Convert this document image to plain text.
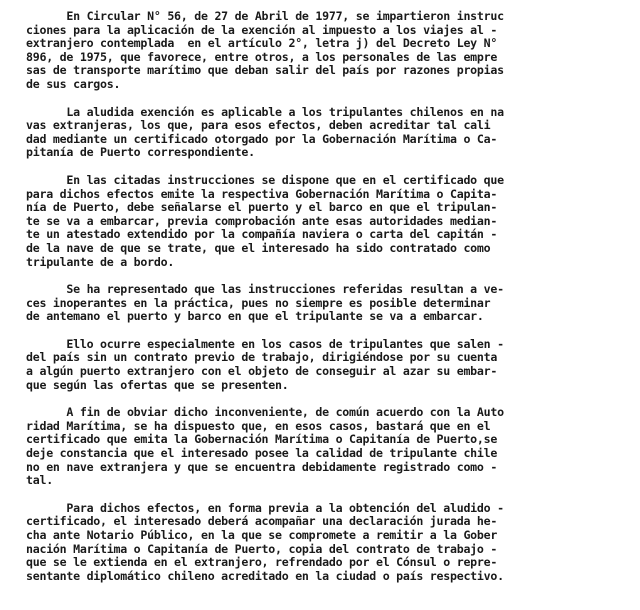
En Circular N° 56, de 27 de Abril de 1977, se impartieron instruc
ciones para la aplicación de la exención al impuesto a los viajes al -
extranjero contemplada  en el artículo 2°, letra j) del Decreto Ley N°
896, de 1975, que favorece, entre otros, a los personales de las empre
sas de transporte marítimo que deban salir del país por razones propias
de sus cargos.

La aludida exención es aplicable a los tripulantes chilenos en na
vas extranjeras, los que, para esos efectos, deben acreditar tal cali
dad mediante un certificado otorgado por la Gobernación Marítima o Ca-
pitanía de Puerto correspondiente.

En las citadas instrucciones se dispone que en el certificado que
para dichos efectos emite la respectiva Gobernación Marítima o Capita-
nía de Puerto, debe señalarse el puerto y el barco en que el tripulan-
te se va a embarcar, previa comprobación ante esas autoridades median-
te un atestado extendido por la compañía naviera o carta del capitán -
de la nave de que se trate, que el interesado ha sido contratado como
tripulante de a bordo.

Se ha representado que las instrucciones referidas resultan a ve-
ces inoperantes en la práctica, pues no siempre es posible determinar
de antemano el puerto y barco en que el tripulante se va a embarcar.

Ello ocurre especialmente en los casos de tripulantes que salen -
del país sin un contrato previo de trabajo, dirigiéndose por su cuenta
a algún puerto extranjero con el objeto de conseguir al azar su embar-
que según las ofertas que se presenten.

A fin de obviar dicho inconveniente, de común acuerdo con la Auto
ridad Marítima, se ha dispuesto que, en esos casos, bastará que en el
certificado que emita la Gobernación Marítima o Capitanía de Puerto,se
deje constancia que el interesado posee la calidad de tripulante chile
no en nave extranjera y que se encuentra debidamente registrado como -
tal.

Para dichos efectos, en forma previa a la obtención del aludido -
certificado, el interesado deberá acompañar una declaración jurada he-
cha ante Notario Público, en la que se compromete a remitir a la Gober
nación Marítima o Capitanía de Puerto, copia del contrato de trabajo -
que se le extienda en el extranjero, refrendado por el Cónsul o repre-
sentante diplomático chileno acreditado en la ciudad o país respectivo.
